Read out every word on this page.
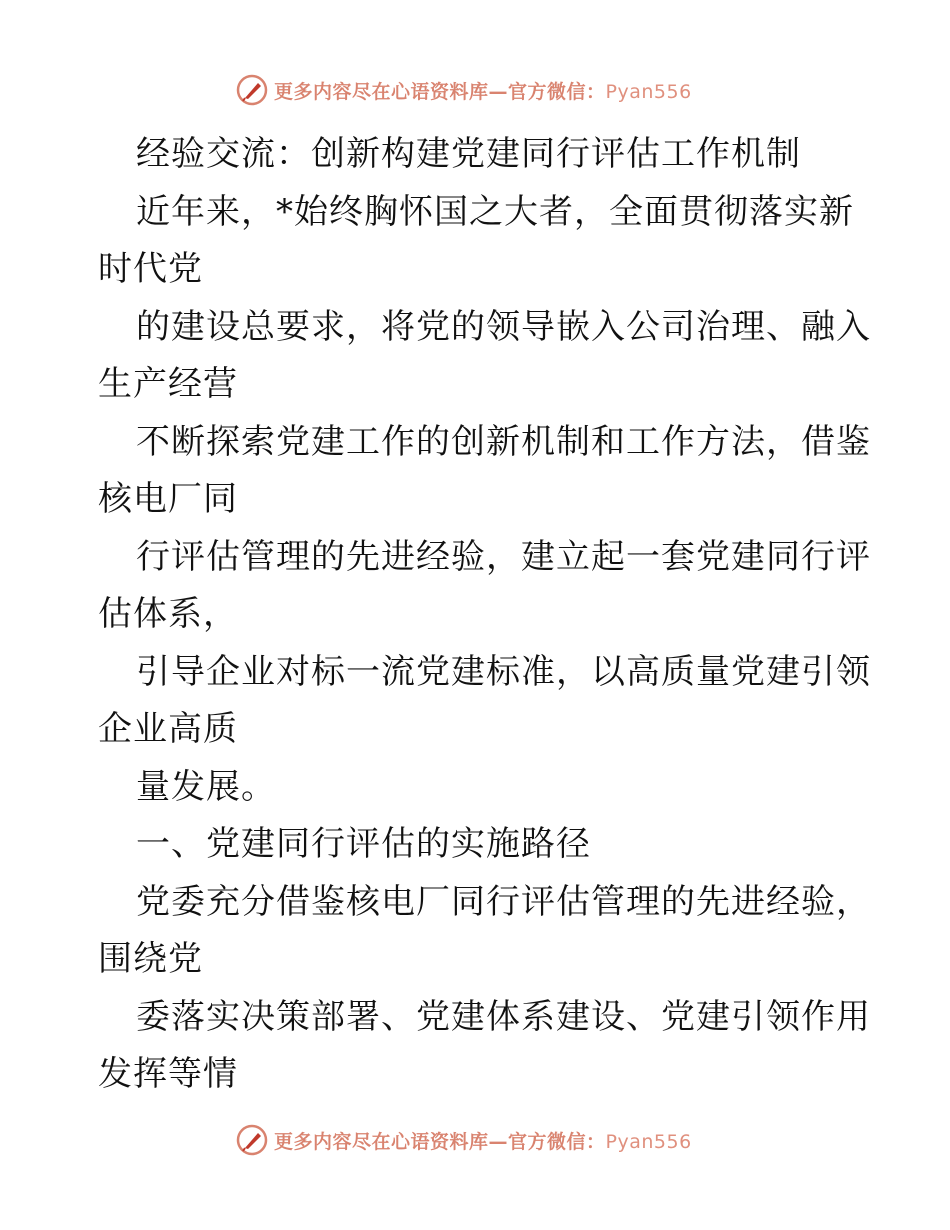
更多内容尽在心语资料库—官方微信：Pyan556
经验交流：创新构建党建同行评估工作机制
近年来，*始终胸怀国之大者，全面贯彻落实新
时代党
的建设总要求，将党的领导嵌入公司治理、融入
生产经营
不断探索党建工作的创新机制和工作方法，借鉴
核电厂同
行评估管理的先进经验，建立起一套党建同行评
估体系，
引导企业对标一流党建标准，以高质量党建引领
企业高质
量发展。
一、党建同行评估的实施路径
党委充分借鉴核电厂同行评估管理的先进经验，
围绕党
委落实决策部署、党建体系建设、党建引领作用
发挥等情
更多内容尽在心语资料库—官方微信：Pyan556
